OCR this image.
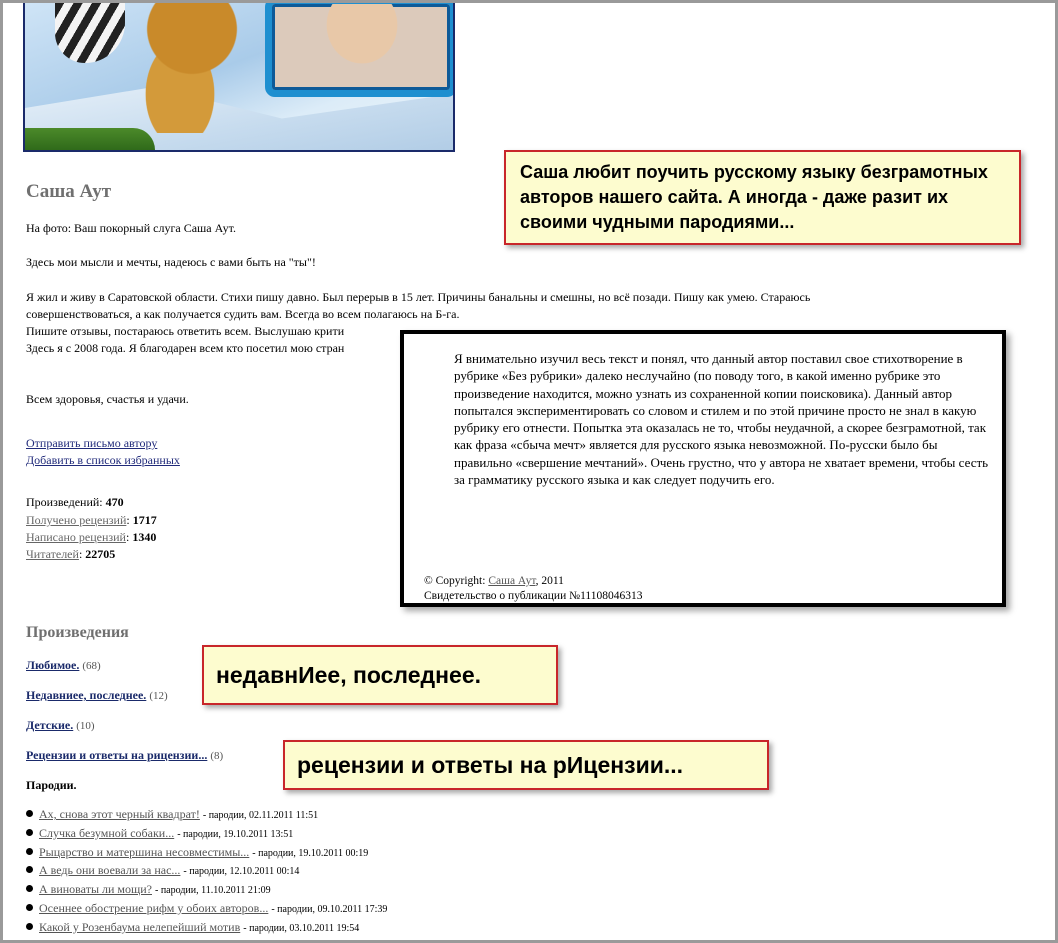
Саша Аут
На фото: Ваш покорный слуга Саша Аут.
Здесь мои мысли и мечты, надеюсь с вами быть на "ты"!
Я жил и живу в Саратовской области. Стихи пишу давно. Был перерыв в 15 лет. Причины банальны и смешны, но всё позади. Пишу как умею. Стараюсь
совершенствоваться, а как получается судить вам. Всегда во всем полагаюсь на Б-га.
Пишите отзывы, постараюсь ответить всем. Выслушаю крити
Здесь я с 2008 года. Я благодарен всем кто посетил мою стран
Всем здоровья, счастья и удачи.
Отправить письмо автору
Добавить в список избранных
Произведений: 470
Получено рецензий: 1717
Написано рецензий: 1340
Читателей: 22705
Произведения
Любимое. (68)
Недавниее, последнее. (12)
Детские. (10)
Рецензии и ответы на рицензии... (8)
Пародии.
Ах, снова этот черный квадрат! - пародии, 02.11.2011 11:51
Случка безумной собаки... - пародии, 19.10.2011 13:51
Рыцарство и матершина несовместимы... - пародии, 19.10.2011 00:19
А ведь они воевали за нас... - пародии, 12.10.2011 00:14
А виноваты ли мощи? - пародии, 11.10.2011 21:09
Осеннее обострение рифм у обоих авторов... - пародии, 09.10.2011 17:39
Какой у Розенбаума нелепейший мотив - пародии, 03.10.2011 19:54
Я внимательно изучил весь текст и понял, что данный автор поставил свое стихотворение в рубрике «Без рубрики» далеко неслучайно (по поводу того, в какой именно рубрике это произведение находится, можно узнать из сохраненной копии поисковика). Данный автор попытался экспериментировать со словом и стилем и по этой причине просто не знал в какую рубрику его отнести. Попытка эта оказалась не то, чтобы неудачной, а скорее безграмотной, так как фраза «сбыча мечт» является для русского языка невозможной. По-русски было бы правильно «свершение мечтаний». Очень грустно, что у автора не хватает времени, чтобы сесть за грамматику русского языка и как следует подучить его.
© Copyright: Саша Аут, 2011
Свидетельство о публикации №11108046313
Саша любит поучить русскому языку безграмотных авторов нашего сайта. А иногда - даже разит их своими чудными пародиями...
недавнИее, последнее.
рецензии и ответы на рИцензии...
